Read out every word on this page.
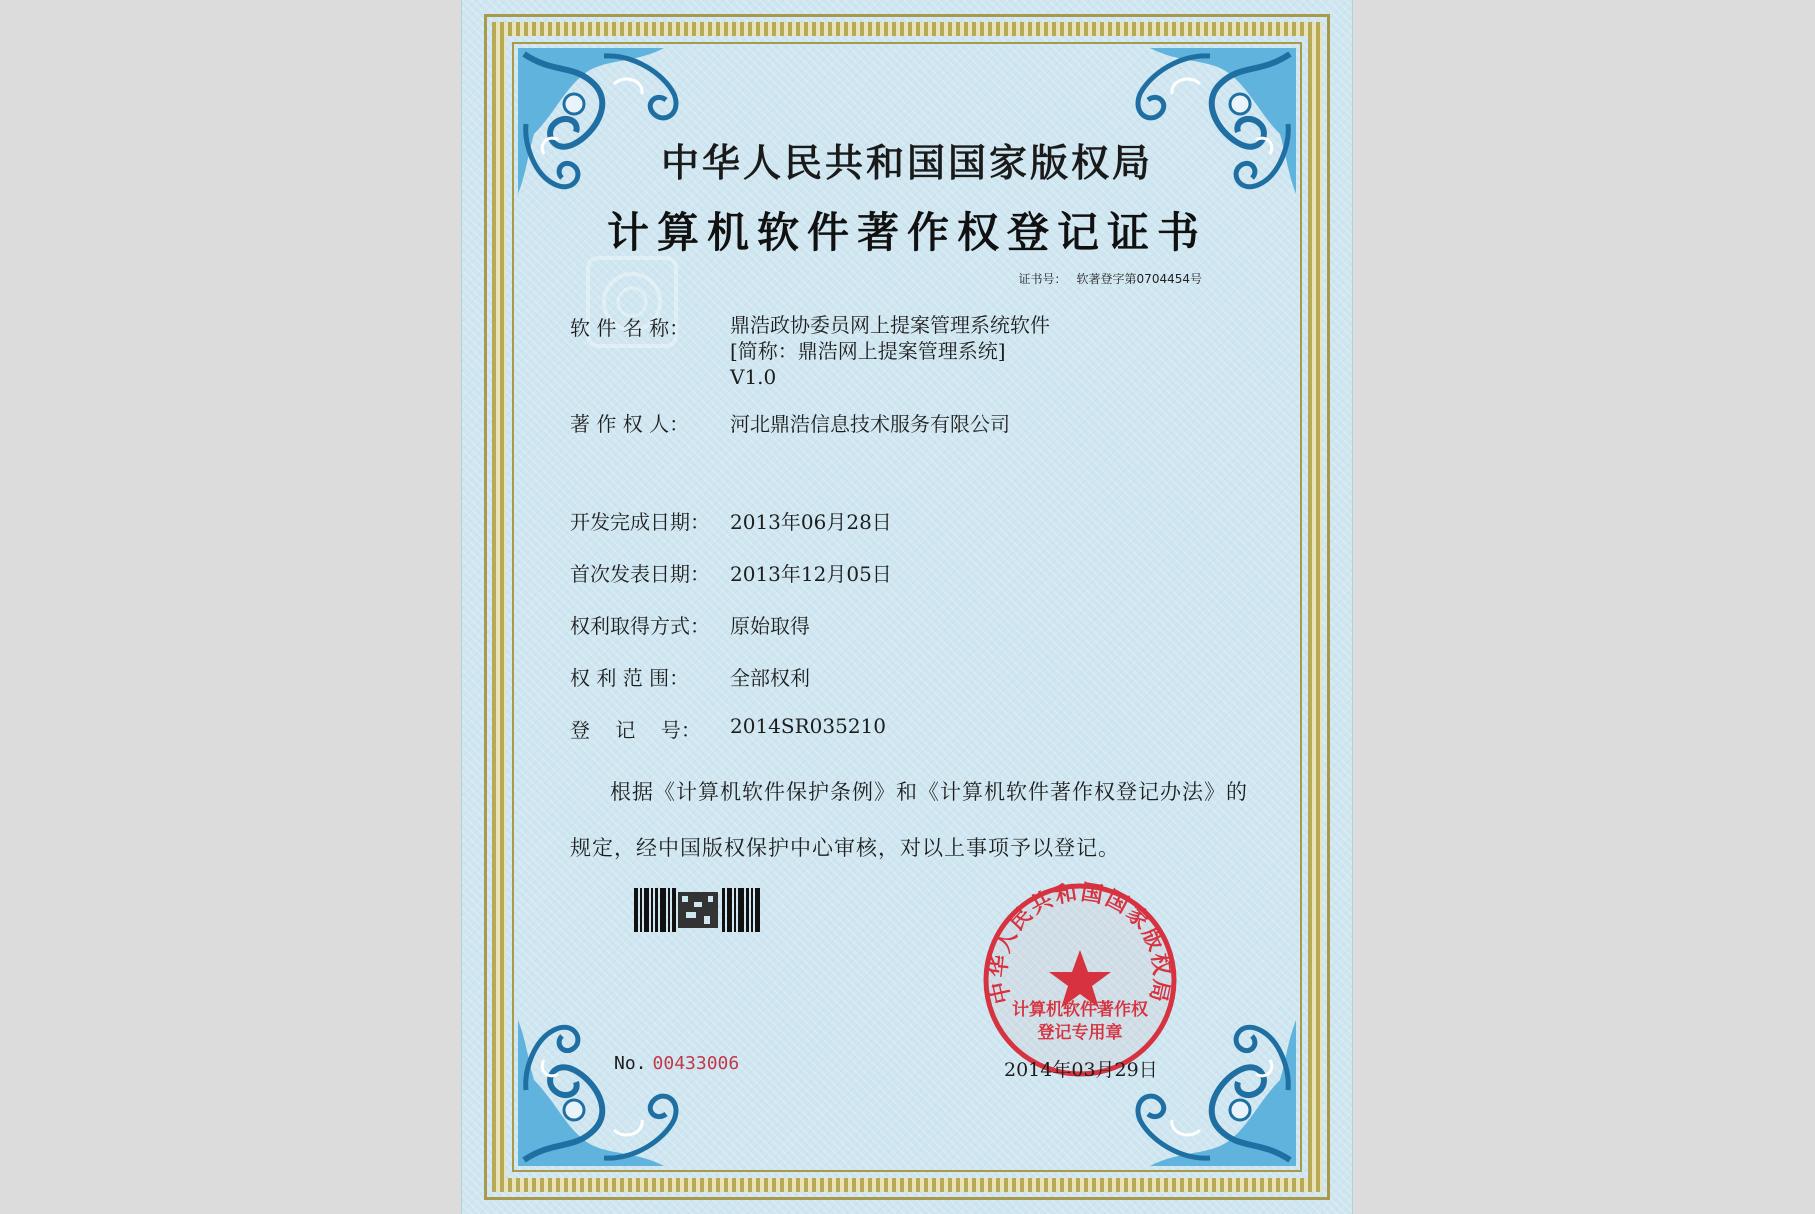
中华人民共和国国家版权局
计算机软件著作权登记证书
证书号： 软著登字第0704454号
软 件 名 称： 鼎浩政协委员网上提案管理系统软件
[简称：鼎浩网上提案管理系统]
V1.0
著 作 权 人： 河北鼎浩信息技术服务有限公司
开发完成日期： 2013年06月28日
首次发表日期： 2013年12月05日
权利取得方式： 原始取得
权 利 范 围： 全部权利
登    记    号： 2014SR035210
根据《计算机软件保护条例》和《计算机软件著作权登记办法》的
规定，经中国版权保护中心审核，对以上事项予以登记。
No. 00433006
中华人民共和国国家版权局
计算机软件著作权
登记专用章
2014年03月29日
